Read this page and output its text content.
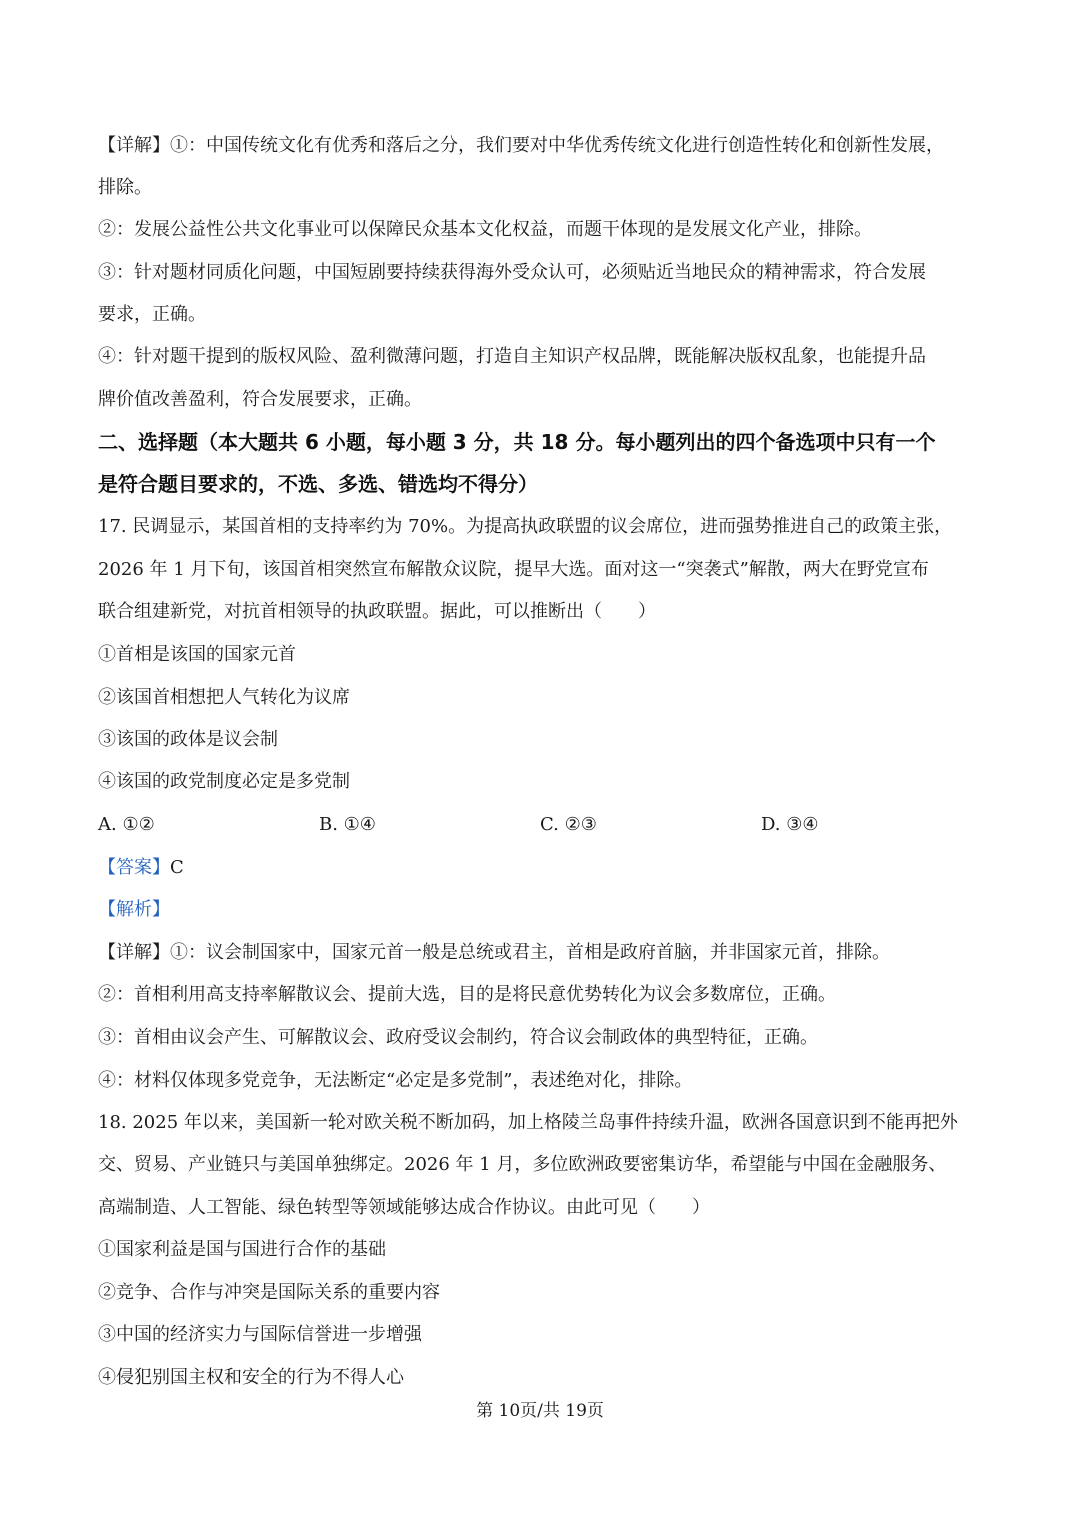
【详解】①：中国传统文化有优秀和落后之分，我们要对中华优秀传统文化进行创造性转化和创新性发展，
排除。
②：发展公益性公共文化事业可以保障民众基本文化权益，而题干体现的是发展文化产业，排除。
③：针对题材同质化问题，中国短剧要持续获得海外受众认可，必须贴近当地民众的精神需求，符合发展
要求，正确。
④：针对题干提到的版权风险、盈利微薄问题，打造自主知识产权品牌，既能解决版权乱象，也能提升品
牌价值改善盈利，符合发展要求，正确。
二、选择题（本大题共 6 小题，每小题 3 分，共 18 分。每小题列出的四个备选项中只有一个
是符合题目要求的，不选、多选、错选均不得分）
17. 民调显示，某国首相的支持率约为 70%。为提高执政联盟的议会席位，进而强势推进自己的政策主张，
2026 年 1 月下旬，该国首相突然宣布解散众议院，提早大选。面对这一“突袭式”解散，两大在野党宣布
联合组建新党，对抗首相领导的执政联盟。据此，可以推断出（　　）
①首相是该国的国家元首
②该国首相想把人气转化为议席
③该国的政体是议会制
④该国的政党制度必定是多党制
A. ①②	B. ①④	C. ②③	D. ③④
【答案】C
【解析】
【详解】①：议会制国家中，国家元首一般是总统或君主，首相是政府首脑，并非国家元首，排除。
②：首相利用高支持率解散议会、提前大选，目的是将民意优势转化为议会多数席位，正确。
③：首相由议会产生、可解散议会、政府受议会制约，符合议会制政体的典型特征，正确。
④：材料仅体现多党竞争，无法断定“必定是多党制”，表述绝对化，排除。
18. 2025 年以来，美国新一轮对欧关税不断加码，加上格陵兰岛事件持续升温，欧洲各国意识到不能再把外
交、贸易、产业链只与美国单独绑定。2026 年 1 月，多位欧洲政要密集访华，希望能与中国在金融服务、
高端制造、人工智能、绿色转型等领域能够达成合作协议。由此可见（　　）
①国家利益是国与国进行合作的基础
②竞争、合作与冲突是国际关系的重要内容
③中国的经济实力与国际信誉进一步增强
④侵犯别国主权和安全的行为不得人心
第 10页/共 19页
